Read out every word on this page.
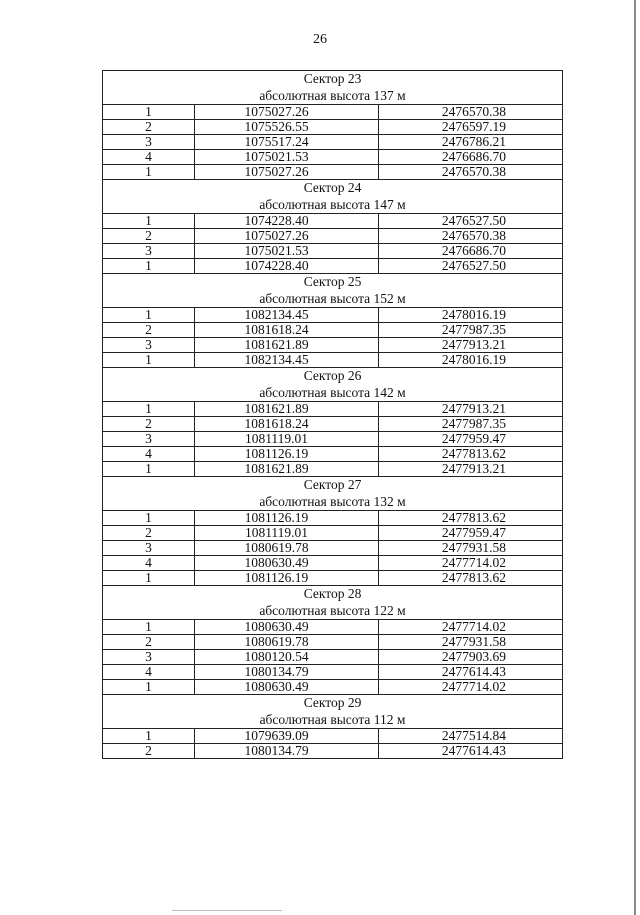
26
Сектор 23
абсолютная высота 137 м		

1	1075027.26	2476570.38
2	1075526.55	2476597.19
3	1075517.24	2476786.21
4	1075021.53	2476686.70
1	1075027.26	2476570.38

Сектор 24
абсолютная высота 147 м		

1	1074228.40	2476527.50
2	1075027.26	2476570.38
3	1075021.53	2476686.70
1	1074228.40	2476527.50

Сектор 25
абсолютная высота 152 м		

1	1082134.45	2478016.19
2	1081618.24	2477987.35
3	1081621.89	2477913.21
1	1082134.45	2478016.19

Сектор 26
абсолютная высота 142 м		

1	1081621.89	2477913.21
2	1081618.24	2477987.35
3	1081119.01	2477959.47
4	1081126.19	2477813.62
1	1081621.89	2477913.21

Сектор 27
абсолютная высота 132 м		

1	1081126.19	2477813.62
2	1081119.01	2477959.47
3	1080619.78	2477931.58
4	1080630.49	2477714.02
1	1081126.19	2477813.62

Сектор 28
абсолютная высота 122 м		

1	1080630.49	2477714.02
2	1080619.78	2477931.58
3	1080120.54	2477903.69
4	1080134.79	2477614.43
1	1080630.49	2477714.02

Сектор 29
абсолютная высота 112 м		

1	1079639.09	2477514.84
2	1080134.79	2477614.43
